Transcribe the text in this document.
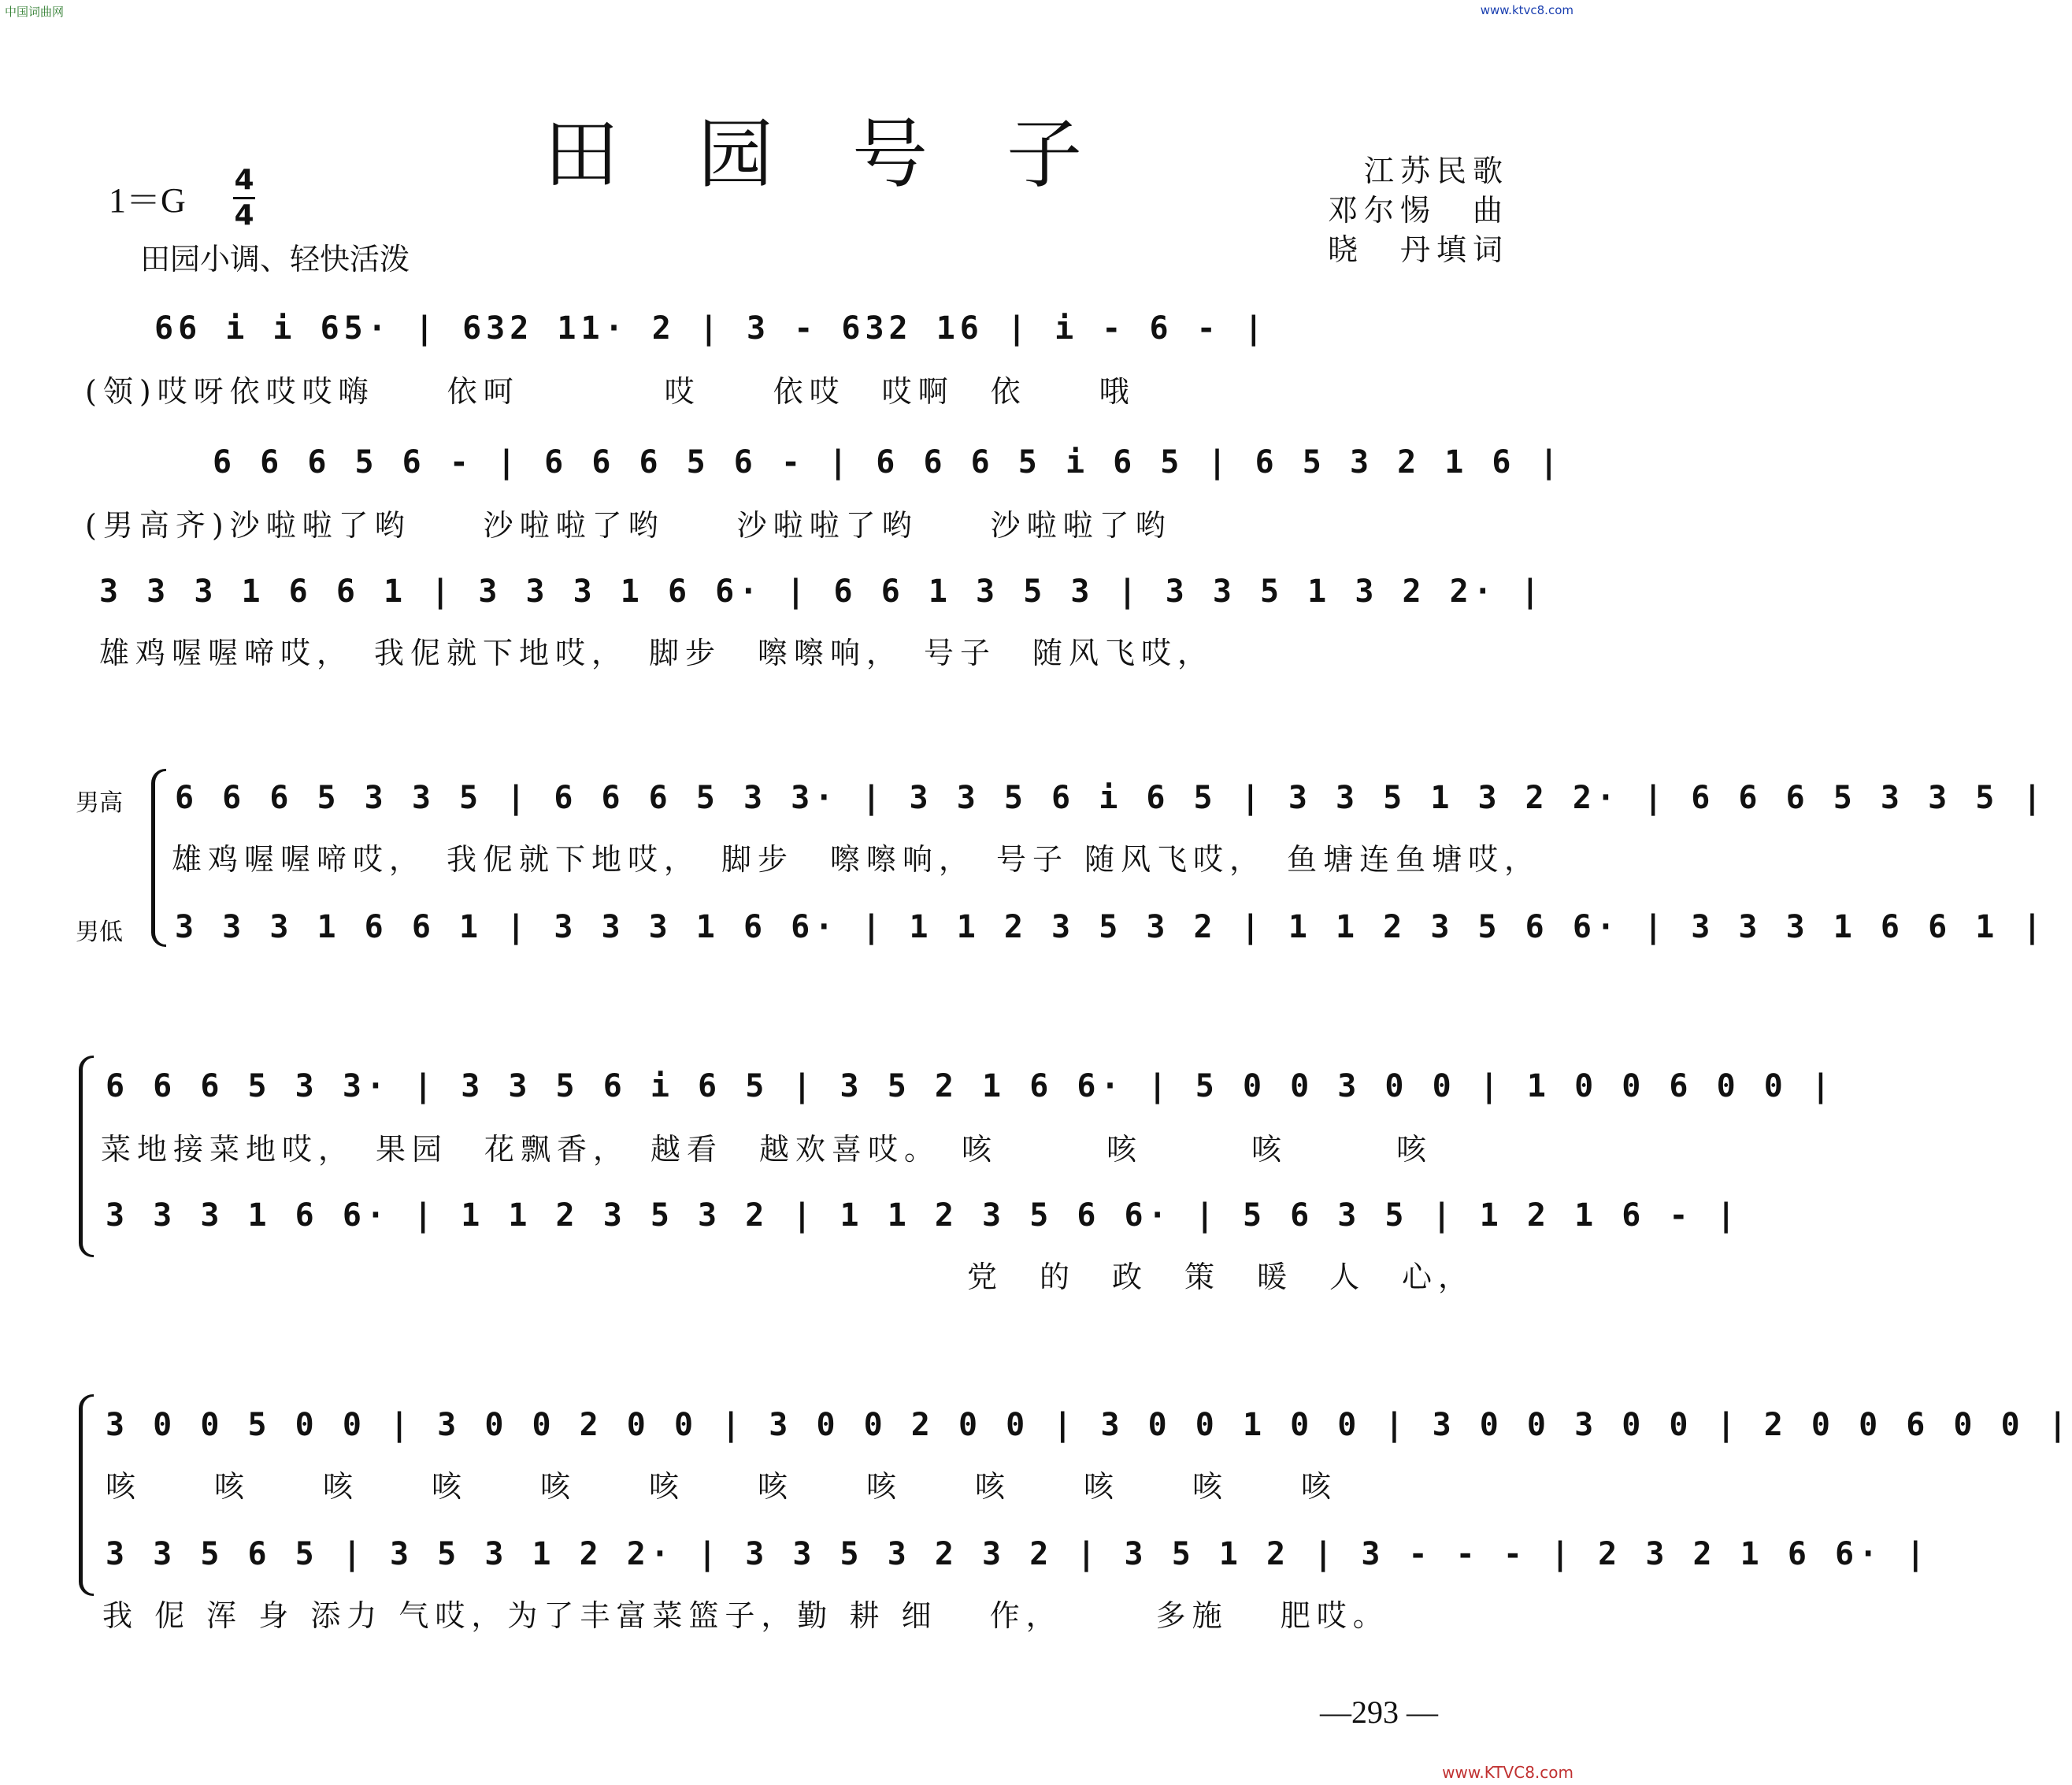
中国词曲网	www.ktvc8.com
www.KTVC8.com
田园号子
1＝G
4
4
田园小调、轻快活泼
江苏民歌
邓尔惕　曲
晓　丹填词
66 i i 65· | 632 11· 2 | 3 - 632 16 | i - 6 - |
(领)哎呀依哎哎嗨　　依呵　　　　哎　　依哎　哎啊　依　　哦
6 6 6 5 6 - | 6 6 6 5 6 - | 6 6 6 5 i 6 5 | 6 5 3 2 1 6 |
(男高齐)沙啦啦了哟　　沙啦啦了哟　　沙啦啦了哟　　沙啦啦了哟
3 3 3 1 6 6 1 | 3 3 3 1 6 6· | 6 6 1 3 5 3 | 3 3 5 1 3 2 2· |
雄鸡喔喔啼哎，　我伲就下地哎，　脚步　嚓嚓响，　号子　随风飞哎，
男高
男低
6 6 6 5 3 3 5 | 6 6 6 5 3 3· | 3 3 5 6 i 6 5 | 3 3 5 1 3 2 2· | 6 6 6 5 3 3 5 |
雄鸡喔喔啼哎，　我伲就下地哎，　脚步　嚓嚓响，　号子 随风飞哎，　鱼塘连鱼塘哎，
3 3 3 1 6 6 1 | 3 3 3 1 6 6· | 1 1 2 3 5 3 2 | 1 1 2 3 5 6 6· | 3 3 3 1 6 6 1 |
6 6 6 5 3 3· | 3 3 5 6 i 6 5 | 3 5 2 1 6 6· | 5 0 0 3 0 0 | 1 0 0 6 0 0 |
菜地接菜地哎，　果园　花飘香，　越看　越欢喜哎。　咳　　　咳　　　咳　　　咳
3 3 3 1 6 6· | 1 1 2 3 5 3 2 | 1 1 2 3 5 6 6· | 5 6 3 5 | 1 2 1 6 - |
党　的　政　策　暖　人　心，
3 0 0 5 0 0 | 3 0 0 2 0 0 | 3 0 0 2 0 0 | 3 0 0 1 0 0 | 3 0 0 3 0 0 | 2 0 0 6 0 0 |
咳　　咳　　咳　　咳　　咳　　咳　　咳　　咳　　咳　　咳　　咳　　咳
3 3 5 6 5 | 3 5 3 1 2 2· | 3 3 5 3 2 3 2 | 3 5 1 2 | 3 - - - | 2 3 2 1 6 6· |
我 伲 浑 身 添力 气哎，为了丰富菜篮子，勤 耕 细　 作，　　　多施　 肥哎。
—293 —
